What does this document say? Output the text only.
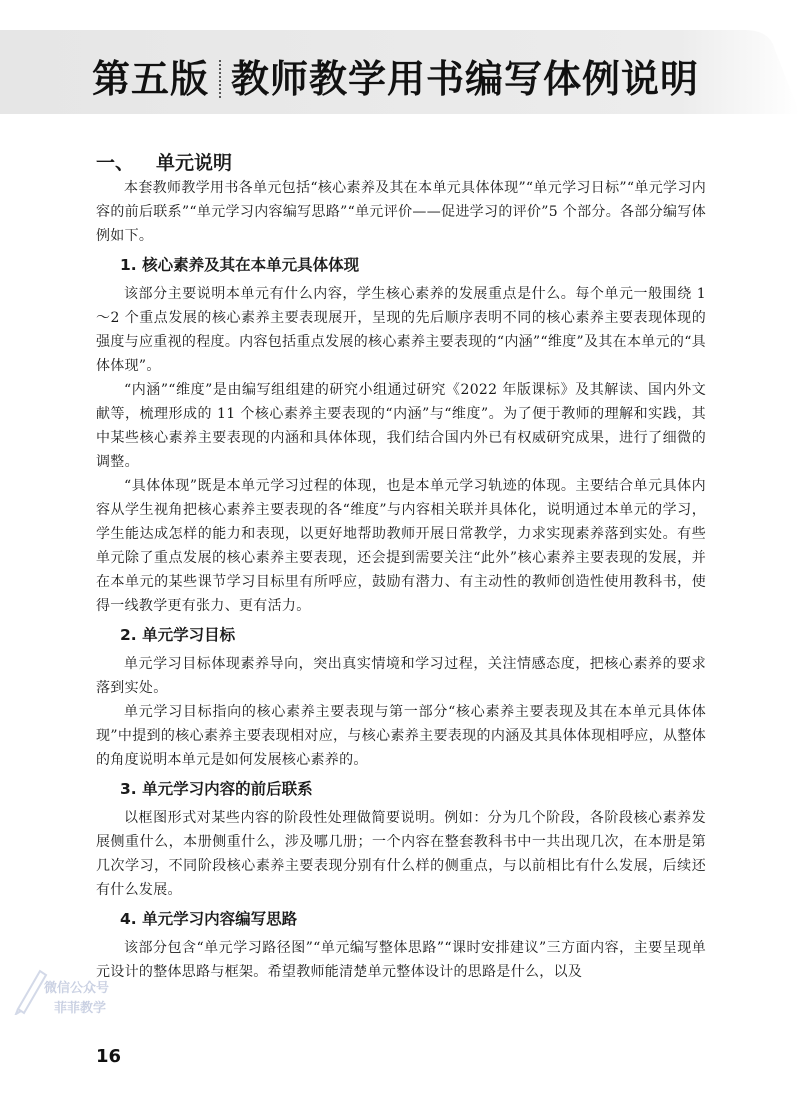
第五版 教师教学用书编写体例说明
一、 单元说明

本套教师教学用书各单元包括“核心素养及其在本单元具体体现”“单元学习日标”“单元学习内容的前后联系”“单元学习内容编写思路”“单元评价——促进学习的评价”5 个部分。各部分编写体例如下。

1. 核心素养及其在本单元具体体现

该部分主要说明本单元有什么内容，学生核心素养的发展重点是什么。每个单元一般围绕 1～2 个重点发展的核心素养主要表现展开，呈现的先后顺序表明不同的核心素养主要表现体现的强度与应重视的程度。内容包括重点发展的核心素养主要表现的“内涵”“维度”及其在本单元的“具体体现”。

“内涵”“维度”是由编写组组建的研究小组通过研究《2022 年版课标》及其解读、国内外文献等，梳理形成的 11 个核心素养主要表现的“内涵”与“维度”。为了便于教师的理解和实践，其中某些核心素养主要表现的内涵和具体体现，我们结合国内外已有权威研究成果，进行了细微的调整。

“具体体现”既是本单元学习过程的体现，也是本单元学习轨迹的体现。主要结合单元具体内容从学生视角把核心素养主要表现的各“维度”与内容相关联并具体化，说明通过本单元的学习，学生能达成怎样的能力和表现，以更好地帮助教师开展日常教学，力求实现素养落到实处。有些单元除了重点发展的核心素养主要表现，还会提到需要关注“此外”核心素养主要表现的发展，并在本单元的某些课节学习目标里有所呼应，鼓励有潜力、有主动性的教师创造性使用教科书，使得一线教学更有张力、更有活力。

2. 单元学习目标

单元学习目标体现素养导向，突出真实情境和学习过程，关注情感态度，把核心素养的要求落到实处。

单元学习目标指向的核心素养主要表现与第一部分“核心素养主要表现及其在本单元具体体现”中提到的核心素养主要表现相对应，与核心素养主要表现的内涵及其具体体现相呼应，从整体的角度说明本单元是如何发展核心素养的。

3. 单元学习内容的前后联系

以框图形式对某些内容的阶段性处理做简要说明。例如：分为几个阶段，各阶段核心素养发展侧重什么，本册侧重什么，涉及哪几册；一个内容在整套教科书中一共出现几次，在本册是第几次学习，不同阶段核心素养主要表现分别有什么样的侧重点，与以前相比有什么发展，后续还有什么发展。

4. 单元学习内容编写思路

该部分包含“单元学习路径图”“单元编写整体思路”“课时安排建议”三方面内容，主要呈现单元设计的整体思路与框架。希望教师能清楚单元整体设计的思路是什么，以及

微信公众号
菲菲教学
16
